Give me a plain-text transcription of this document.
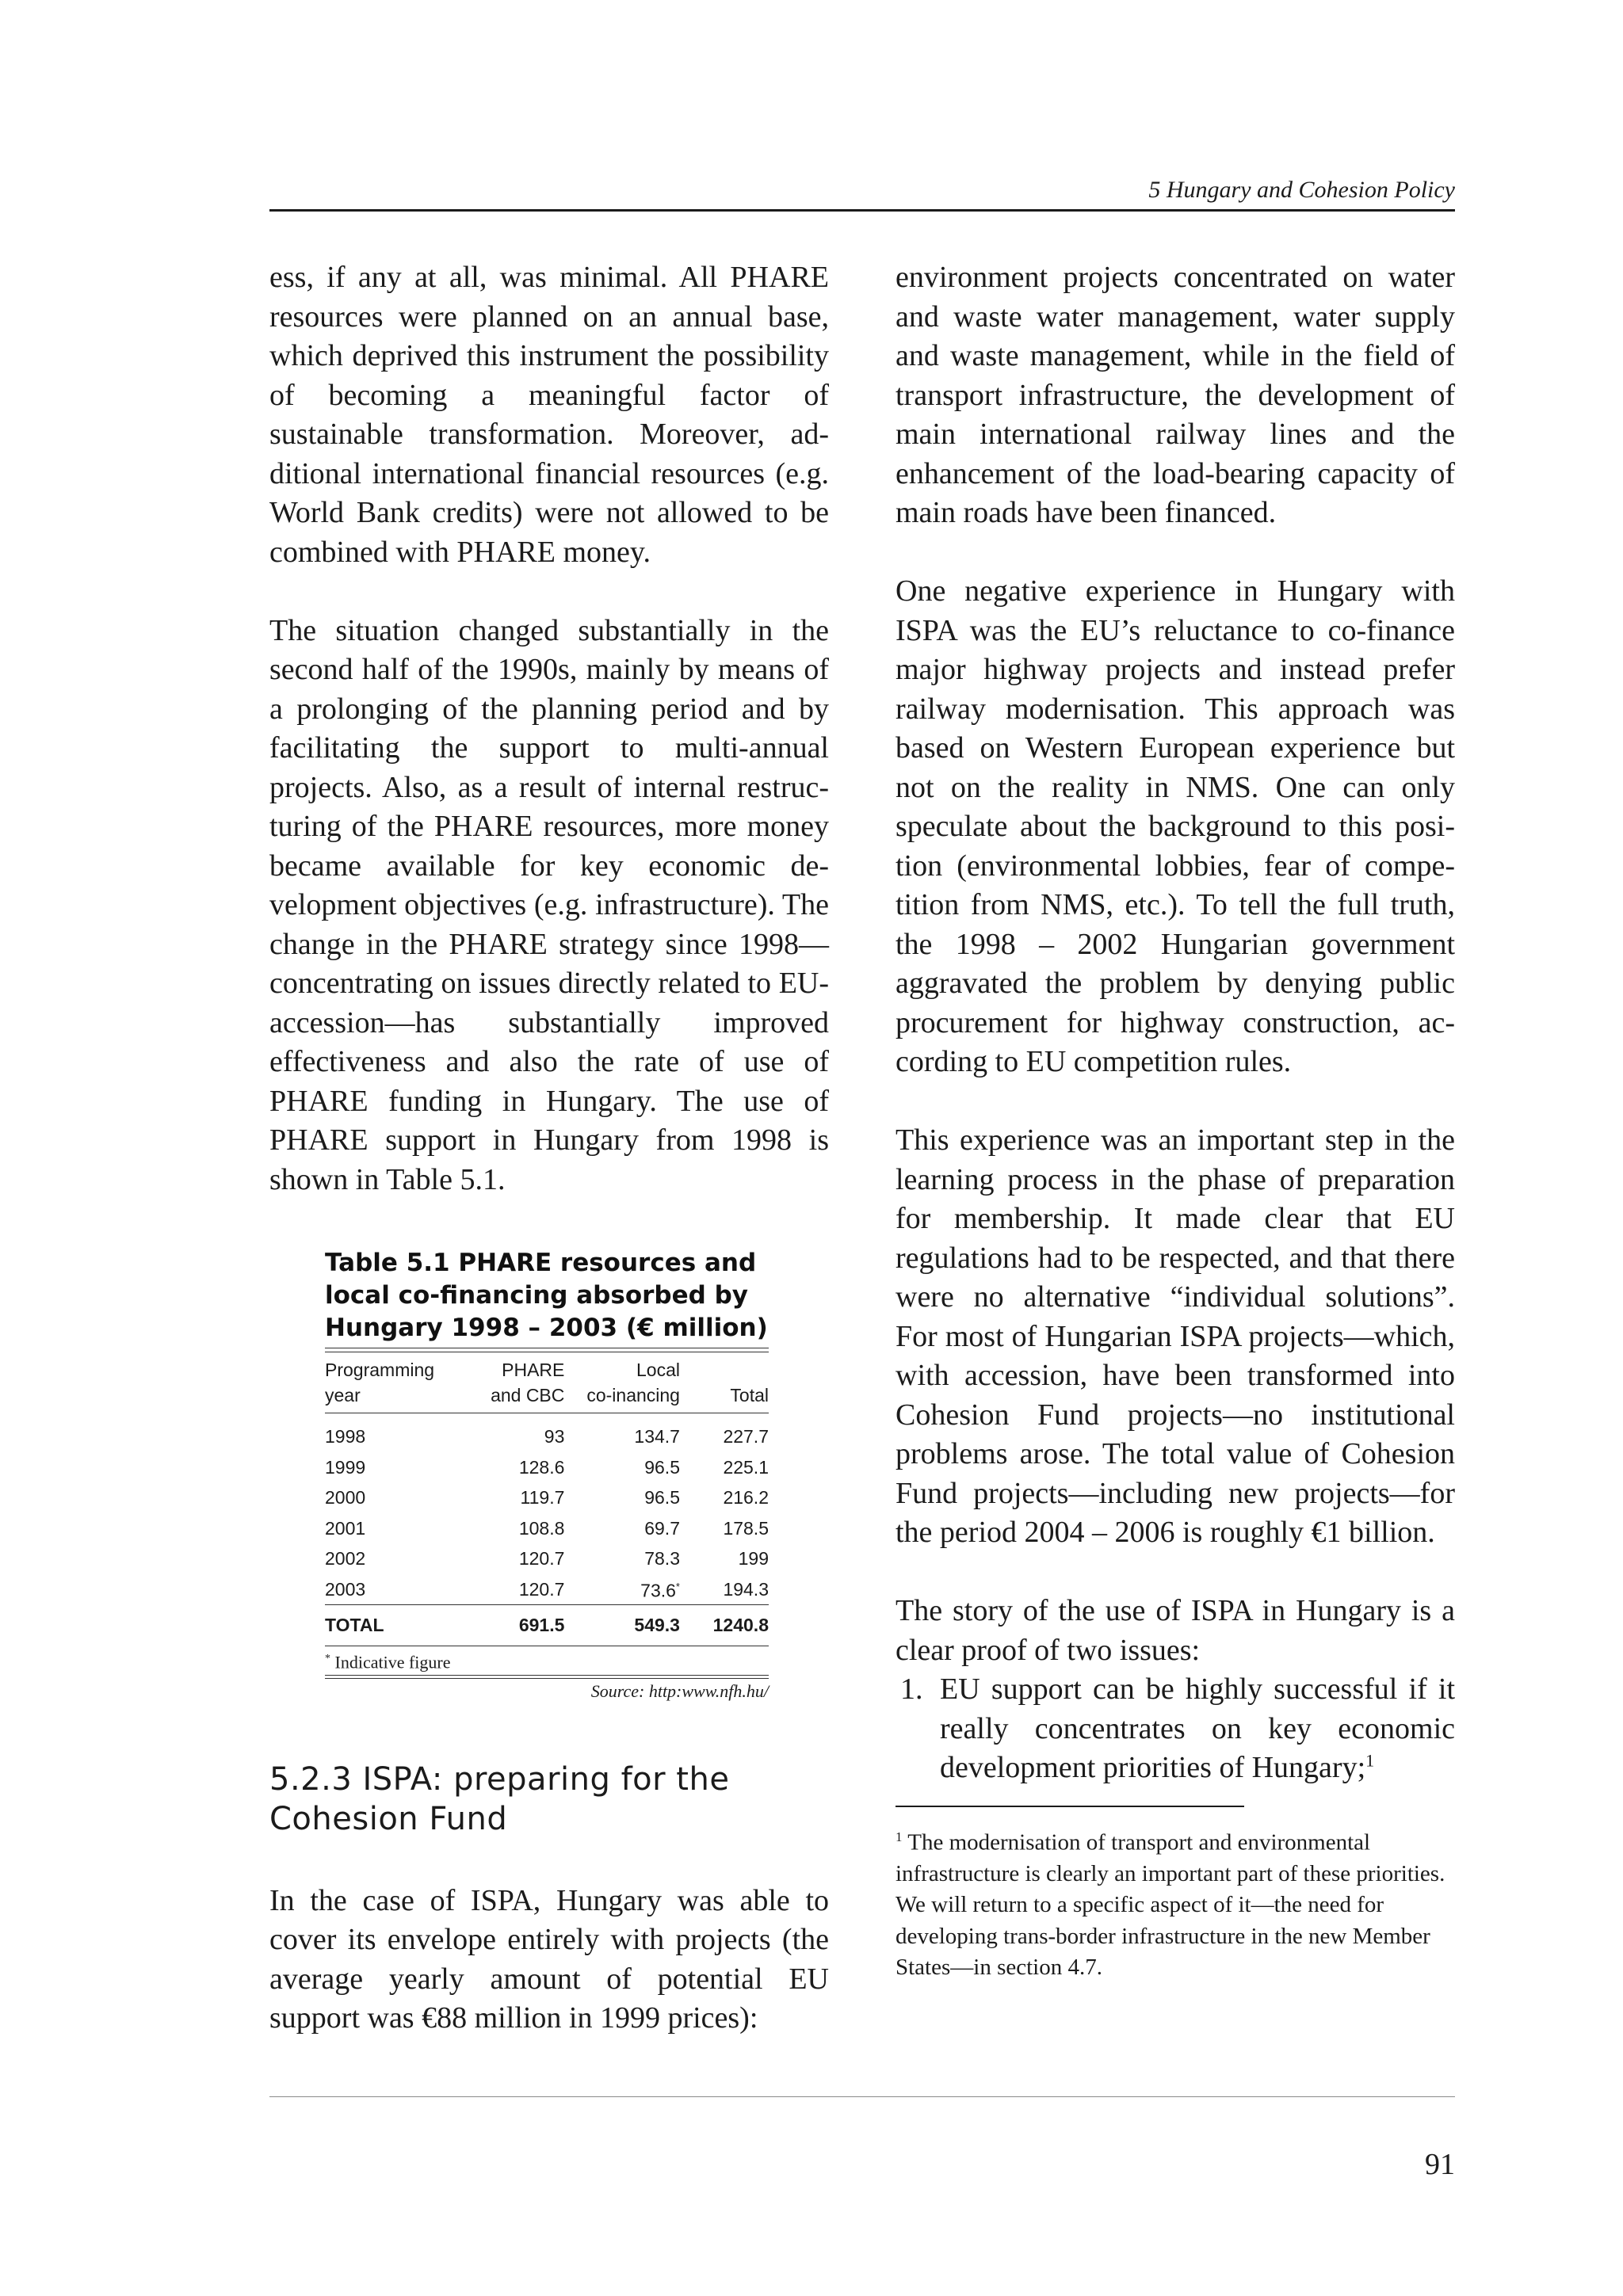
5 Hungary and Cohesion Policy

ess, if any at all, was minimal. All PHARE resources were planned on an annual base, which deprived this instrument the possibility of becoming a meaningful factor of sustainable transformation. Moreover, additional international financial resources (e.g. World Bank credits) were not allowed to be combined with PHARE money.

The situation changed substantially in the second half of the 1990s, mainly by means of a prolonging of the planning period and by facilitating the support to multi-annual projects. Also, as a result of internal restructuring of the PHARE resources, more money became available for key economic development objectives (e.g. infrastructure). The change in the PHARE strategy since 1998—concentrating on issues directly related to EU-accession—has substantially improved effectiveness and also the rate of use of PHARE funding in Hungary. The use of PHARE support in Hungary from 1998 is shown in Table 5.1.

Table 5.1 PHARE resources and local co-financing absorbed by Hungary 1998 – 2003 (€ million)
Programming	PHARE	Local	
year	and CBC	co-inancing	Total
1998	93	134.7	227.7
1999	128.6	96.5	225.1
2000	119.7	96.5	216.2
2001	108.8	69.7	178.5
2002	120.7	78.3	199
2003	120.7	73.6*	194.3
TOTAL	691.5	549.3	1240.8
* Indicative figure
Source: http:www.nfh.hu/
5.2.3 ISPA: preparing for the Cohesion Fund

In the case of ISPA, Hungary was able to cover its envelope entirely with projects (the average yearly amount of potential EU support was €88 million in 1999 prices):

environment projects concentrated on water and waste water management, water supply and waste management, while in the field of transport infrastructure, the development of main international railway lines and the enhancement of the load-bearing capacity of main roads have been financed.

One negative experience in Hungary with ISPA was the EU’s reluctance to co-finance major highway projects and instead prefer railway modernisation. This approach was based on Western European experience but not on the reality in NMS. One can only speculate about the background to this position (environmental lobbies, fear of competition from NMS, etc.). To tell the full truth, the 1998 – 2002 Hungarian government aggravated the problem by denying public procurement for highway construction, according to EU competition rules.

This experience was an important step in the learning process in the phase of preparation for membership. It made clear that EU regulations had to be respected, and that there were no alternative “individual solutions”. For most of Hungarian ISPA projects—which, with accession, have been transformed into Cohesion Fund projects—no institutional problems arose. The total value of Cohesion Fund projects—including new projects—for the period 2004 – 2006 is roughly €1 billion.

The story of the use of ISPA in Hungary is a clear proof of two issues:

1. EU support can be highly successful if it really concentrates on key economic development priorities of Hungary;$^1$
$^1$ The modernisation of transport and environmental infrastructure is clearly an important part of these priorities. We will return to a specific aspect of it—the need for developing trans-border infrastructure in the new Member States—in section 4.7.
91
